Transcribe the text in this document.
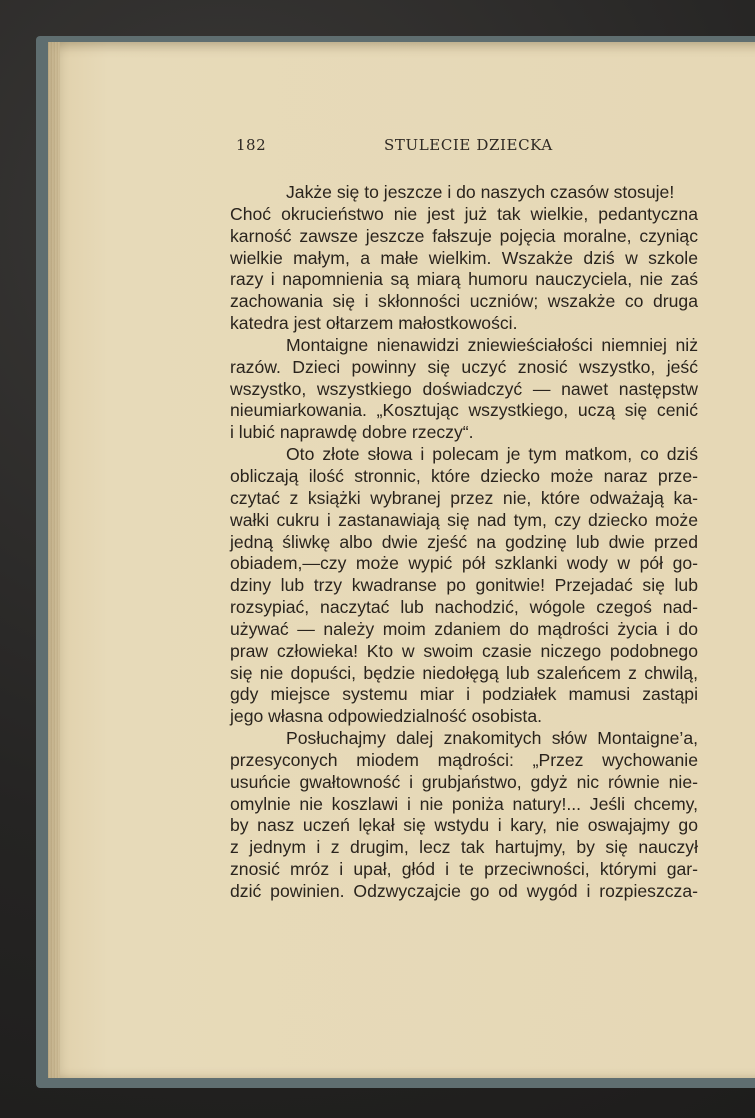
182	STULECIE DZIECKA
Jakże się to jeszcze i do naszych czasów stosuje!
Choć okrucieństwo nie jest już tak wielkie, pedantyczna
karność zawsze jeszcze fałszuje pojęcia moralne, czyniąc
wielkie małym, a małe wielkim. Wszakże dziś w szkole
razy i napomnienia są miarą humoru nauczyciela, nie zaś
zachowania się i skłonności uczniów; wszakże co druga
katedra jest ołtarzem małostkowości.
Montaigne nienawidzi zniewieściałości niemniej niż
razów. Dzieci powinny się uczyć znosić wszystko, jeść
wszystko, wszystkiego doświadczyć — nawet następstw
nieumiarkowania. „Kosztując wszystkiego, uczą się cenić
i lubić naprawdę dobre rzeczy“.
Oto złote słowa i polecam je tym matkom, co dziś
obliczają ilość stronnic, które dziecko może naraz prze-
czytać z książki wybranej przez nie, które odważają ka-
wałki cukru i zastanawiają się nad tym, czy dziecko może
jedną śliwkę albo dwie zjeść na godzinę lub dwie przed
obiadem,—czy może wypić pół szklanki wody w pół go-
dziny lub trzy kwadranse po gonitwie! Przejadać się lub
rozsypiać, naczytać lub nachodzić, wógole czegoś nad-
używać — należy moim zdaniem do mądrości życia i do
praw człowieka! Kto w swoim czasie niczego podobnego
się nie dopuści, będzie niedołęgą lub szaleńcem z chwilą,
gdy miejsce systemu miar i podziałek mamusi zastąpi
jego własna odpowiedzialność osobista.
Posłuchajmy dalej znakomitych słów Montaigne’a,
przesyconych miodem mądrości: „Przez wychowanie
usuńcie gwałtowność i grubjaństwo, gdyż nic równie nie-
omylnie nie koszlawi i nie poniża natury!... Jeśli chcemy,
by nasz uczeń lękał się wstydu i kary, nie oswajajmy go
z jednym i z drugim, lecz tak hartujmy, by się nauczył
znosić mróz i upał, głód i te przeciwności, którymi gar-
dzić powinien. Odzwyczajcie go od wygód i rozpieszcza-
